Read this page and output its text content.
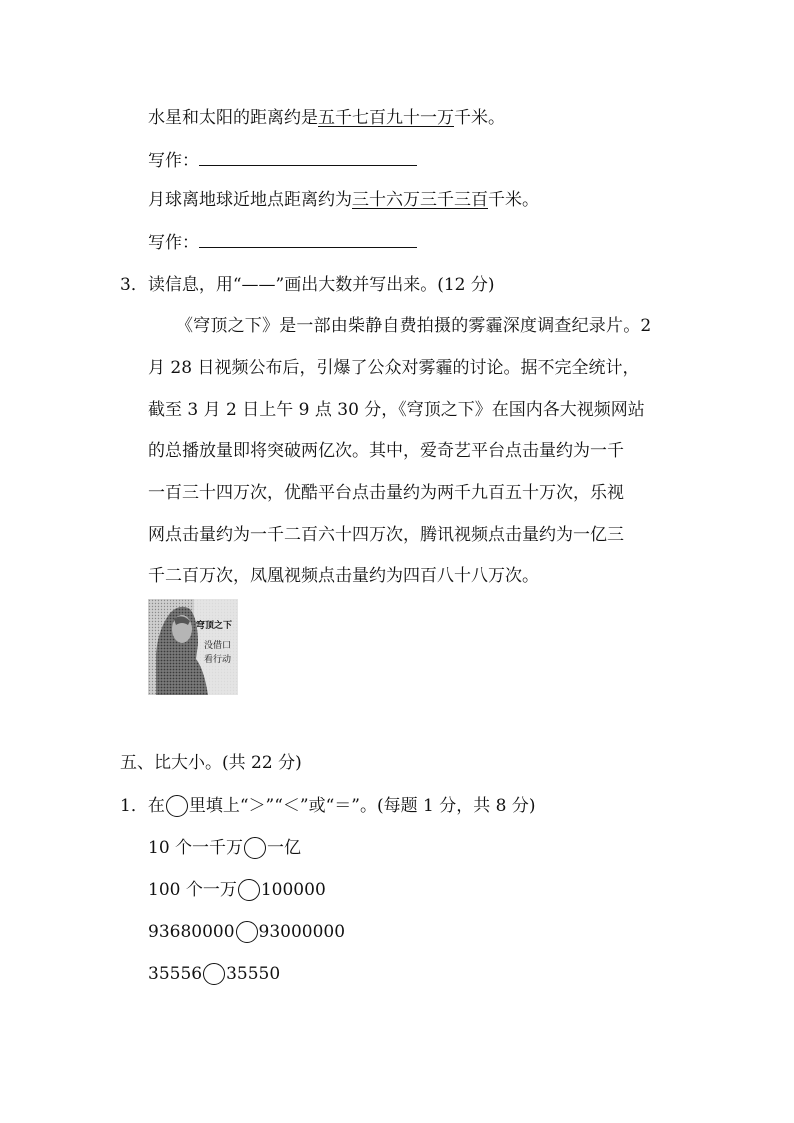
水星和太阳的距离约是五千七百九十一万千米。
写作：
月球离地球近地点距离约为三十六万三千三百千米。
写作：
3．读信息，用“——”画出大数并写出来。(12 分)
《穹顶之下》是一部由柴静自费拍摄的雾霾深度调查纪录片。2
月 28 日视频公布后，引爆了公众对雾霾的讨论。据不完全统计，
截至 3 月 2 日上午 9 点 30 分，《穹顶之下》在国内各大视频网站
的总播放量即将突破两亿次。其中，爱奇艺平台点击量约为一千
一百三十四万次，优酷平台点击量约为两千九百五十万次，乐视
网点击量约为一千二百六十四万次，腾讯视频点击量约为一亿三
千二百万次，凤凰视频点击量约为四百八十八万次。
穹顶之下
没借口
看行动
五、比大小。(共 22 分)
1．在 里填上“＞”“＜”或“＝”。(每题 1 分，共 8 分)
10 个一千万 一亿
100 个一万 100000
93680000 93000000
35556 35550
